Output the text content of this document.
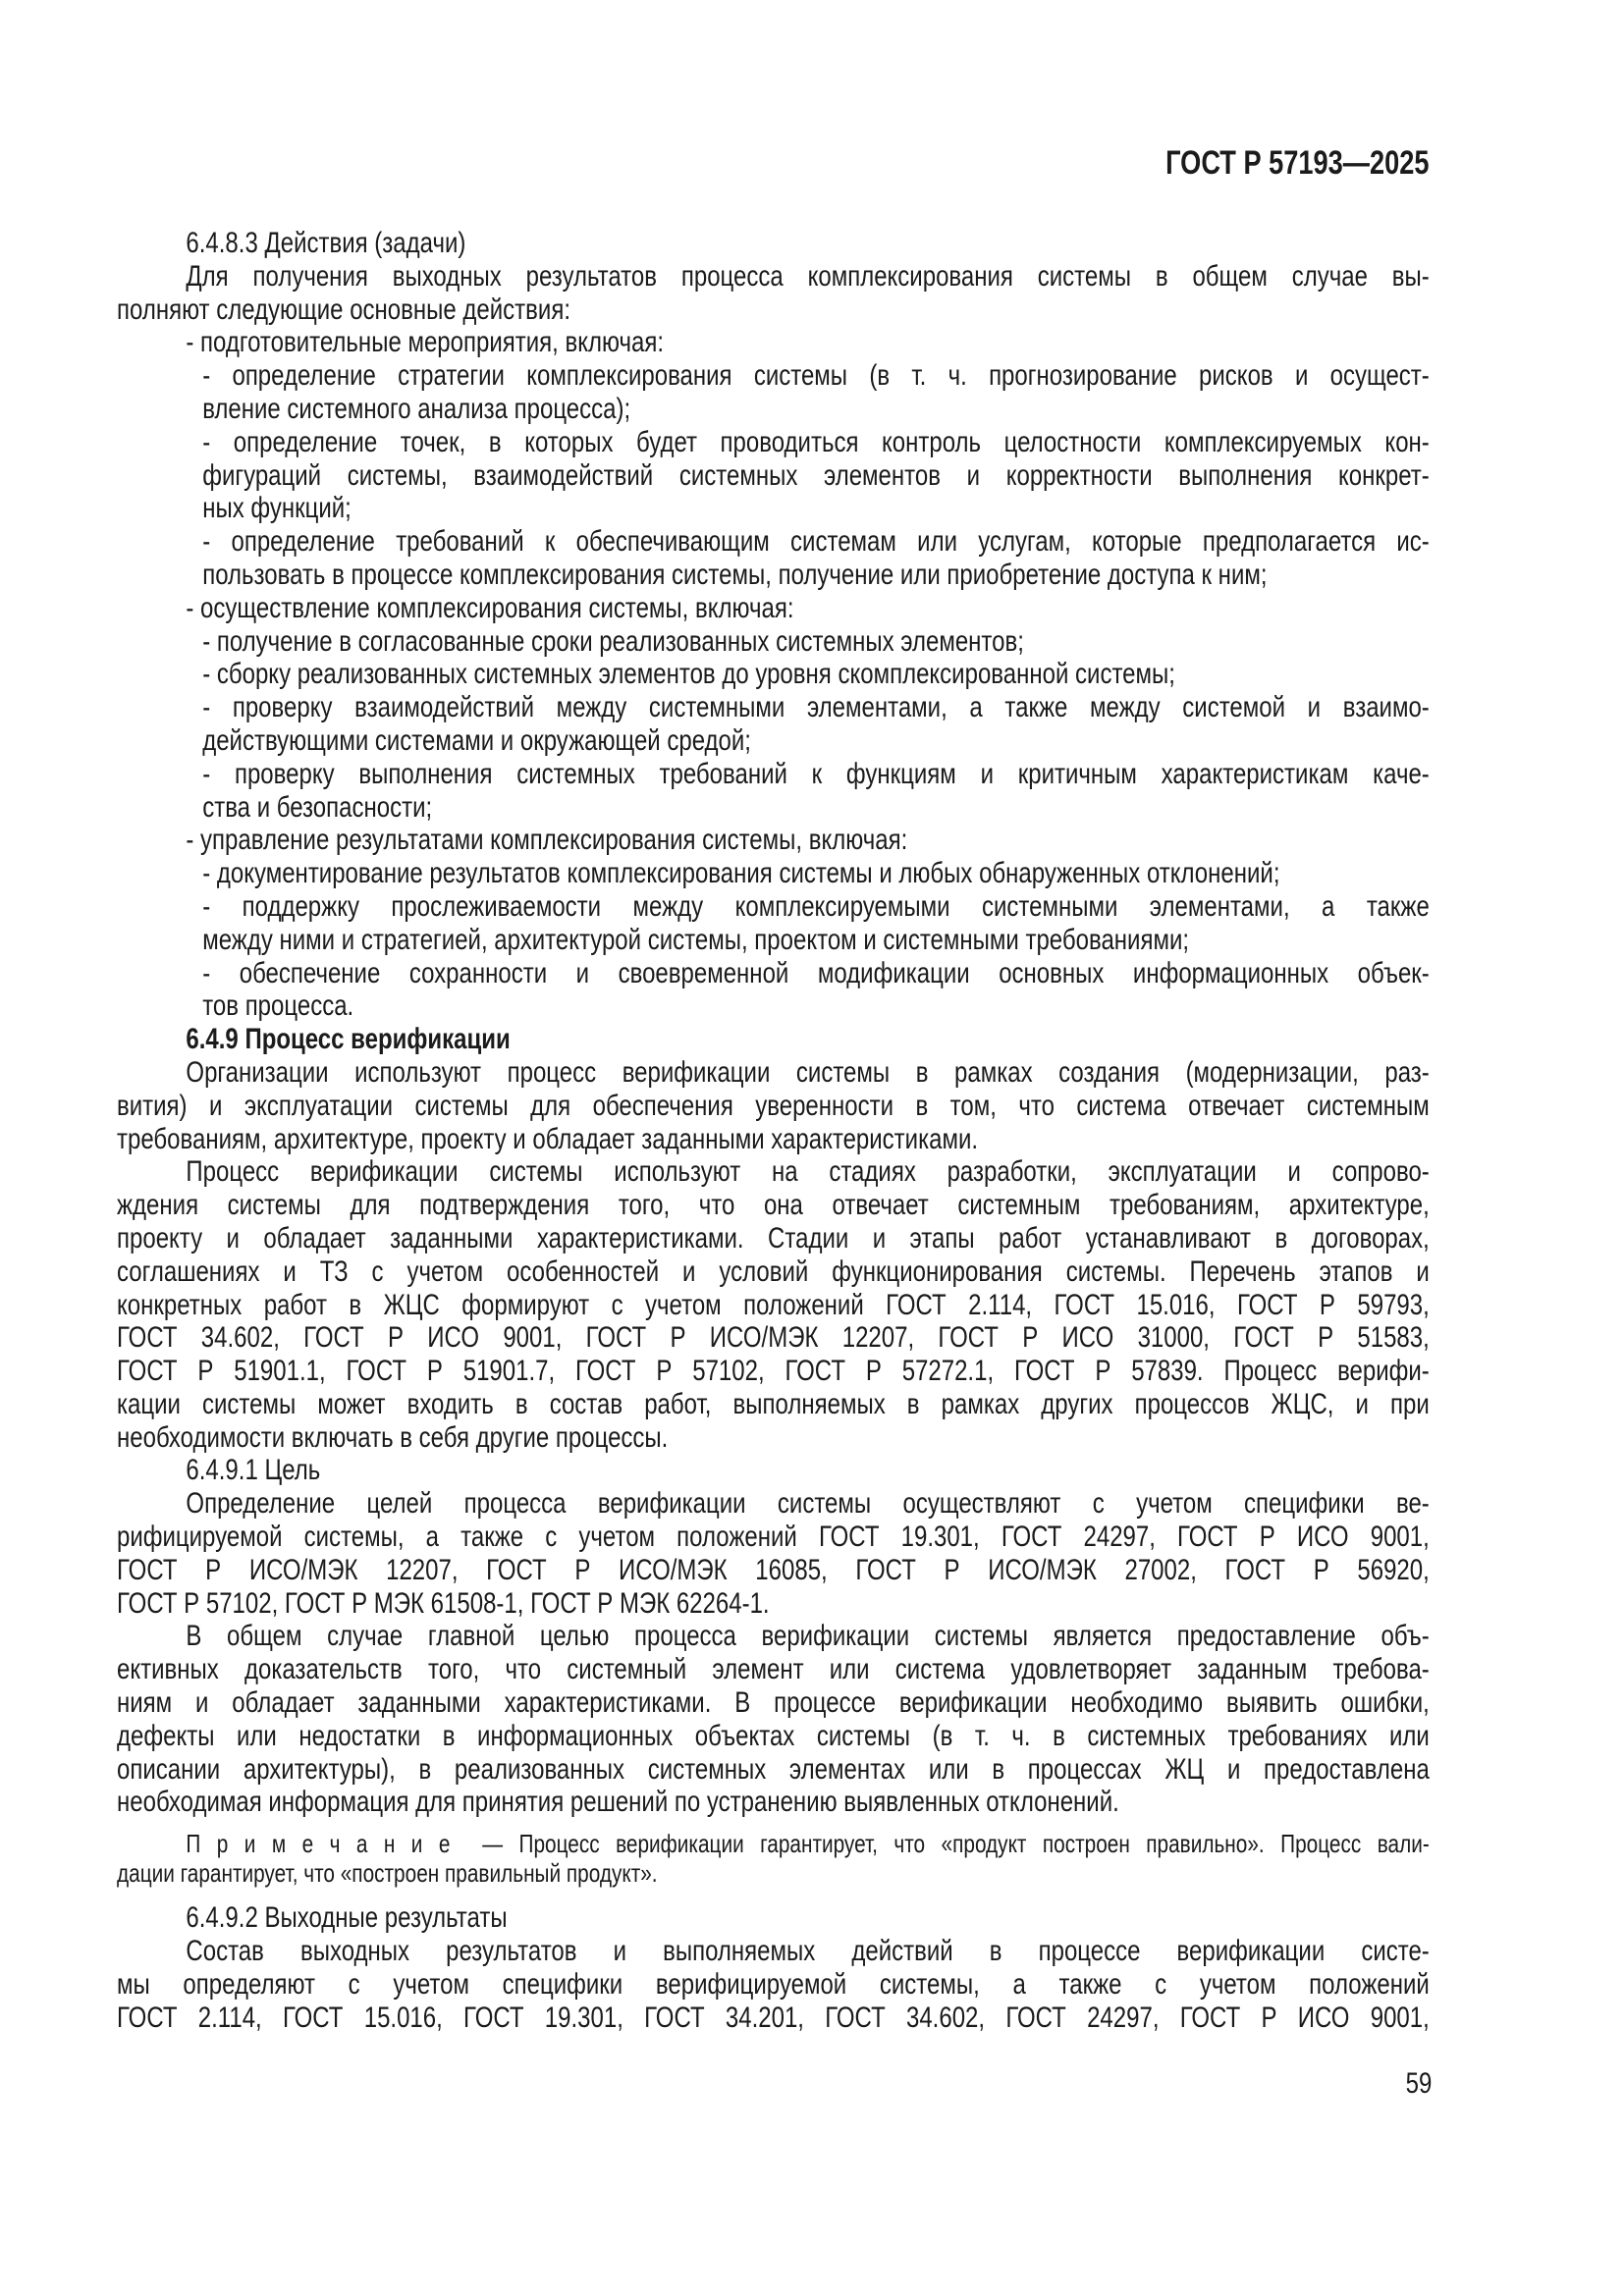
ГОСТ Р 57193—2025
6.4.8.3 Действия (задачи)
Для получения выходных результатов процесса комплексирования системы в общем случае вы-
полняют следующие основные действия:
- подготовительные мероприятия, включая:
- определение стратегии комплексирования системы (в т. ч. прогнозирование рисков и осущест-
вление системного анализа процесса);
- определение точек, в которых будет проводиться контроль целостности комплексируемых кон-
фигураций системы, взаимодействий системных элементов и корректности выполнения конкрет-
ных функций;
- определение требований к обеспечивающим системам или услугам, которые предполагается ис-
пользовать в процессе комплексирования системы, получение или приобретение доступа к ним;
- осуществление комплексирования системы, включая:
- получение в согласованные сроки реализованных системных элементов;
- сборку реализованных системных элементов до уровня скомплексированной системы;
- проверку взаимодействий между системными элементами, а также между системой и взаимо-
действующими системами и окружающей средой;
- проверку выполнения системных требований к функциям и критичным характеристикам каче-
ства и безопасности;
- управление результатами комплексирования системы, включая:
- документирование результатов комплексирования системы и любых обнаруженных отклонений;
- поддержку прослеживаемости между комплексируемыми системными элементами, а также
между ними и стратегией, архитектурой системы, проектом и системными требованиями;
- обеспечение сохранности и своевременной модификации основных информационных объек-
тов процесса.
6.4.9 Процесс верификации
Организации используют процесс верификации системы в рамках создания (модернизации, раз-
вития) и эксплуатации системы для обеспечения уверенности в том, что система отвечает системным
требованиям, архитектуре, проекту и обладает заданными характеристиками.
Процесс верификации системы используют на стадиях разработки, эксплуатации и сопрово-
ждения системы для подтверждения того, что она отвечает системным требованиям, архитектуре,
проекту и обладает заданными характеристиками. Стадии и этапы работ устанавливают в договорах,
соглашениях и ТЗ с учетом особенностей и условий функционирования системы. Перечень этапов и
конкретных работ в ЖЦС формируют с учетом положений ГОСТ 2.114, ГОСТ 15.016, ГОСТ Р 59793,
ГОСТ 34.602, ГОСТ Р ИСО 9001, ГОСТ Р ИСО/МЭК 12207, ГОСТ Р ИСО 31000, ГОСТ Р 51583,
ГОСТ Р 51901.1, ГОСТ Р 51901.7, ГОСТ Р 57102, ГОСТ Р 57272.1, ГОСТ Р 57839. Процесс верифи-
кации системы может входить в состав работ, выполняемых в рамках других процессов ЖЦС, и при
необходимости включать в себя другие процессы.
6.4.9.1 Цель
Определение целей процесса верификации системы осуществляют с учетом специфики ве-
рифицируемой системы, а также с учетом положений ГОСТ 19.301, ГОСТ 24297, ГОСТ Р ИСО 9001,
ГОСТ Р ИСО/МЭК 12207, ГОСТ Р ИСО/МЭК 16085, ГОСТ Р ИСО/МЭК 27002, ГОСТ Р 56920,
ГОСТ Р 57102, ГОСТ Р МЭК 61508-1, ГОСТ Р МЭК 62264-1.
В общем случае главной целью процесса верификации системы является предоставление объ-
ективных доказательств того, что системный элемент или система удовлетворяет заданным требова-
ниям и обладает заданными характеристиками. В процессе верификации необходимо выявить ошибки,
дефекты или недостатки в информационных объектах системы (в т. ч. в системных требованиях или
описании архитектуры), в реализованных системных элементах или в процессах ЖЦ и предоставлена
необходимая информация для принятия решений по устранению выявленных отклонений.
П р и м е ч а н и е  — Процесс верификации гарантирует, что «продукт построен правильно». Процесс вали-
дации гарантирует, что «построен правильный продукт».
6.4.9.2 Выходные результаты
Состав выходных результатов и выполняемых действий в процессе верификации систе-
мы определяют с учетом специфики верифицируемой системы, а также с учетом положений
ГОСТ 2.114, ГОСТ 15.016, ГОСТ 19.301, ГОСТ 34.201, ГОСТ 34.602, ГОСТ 24297, ГОСТ Р ИСО 9001,
59
